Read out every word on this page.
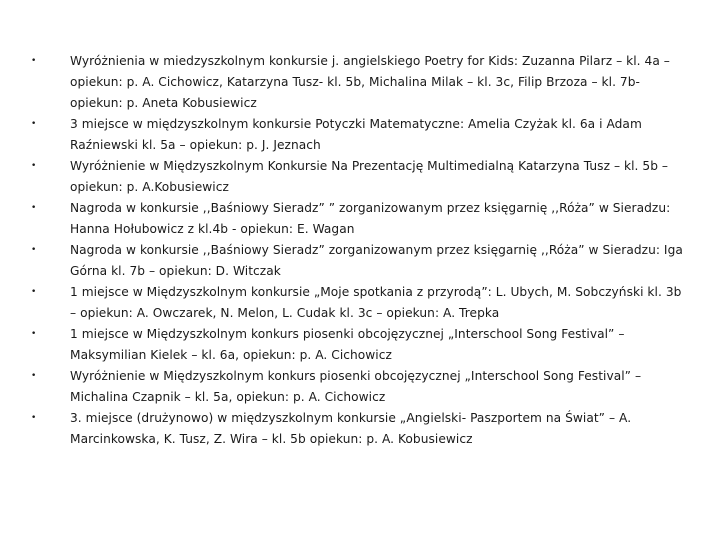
•	Wyróżnienia w miedzyszkolnym konkursie j. angielskiego Poetry for Kids: Zuzanna Pilarz – kl. 4a – opiekun: p. A. Cichowicz, Katarzyna Tusz- kl. 5b, Michalina Milak – kl. 3c, Filip Brzoza – kl. 7b- opiekun: p. Aneta Kobusiewicz
•	3 miejsce w międzyszkolnym konkursie Potyczki Matematyczne: Amelia Czyżak kl. 6a i Adam Raźniewski kl. 5a – opiekun: p. J. Jeznach
•	Wyróżnienie w Międzyszkolnym Konkursie Na Prezentację Multimedialną Katarzyna Tusz – kl. 5b – opiekun: p. A.Kobusiewicz
•	Nagroda w konkursie ,,Baśniowy Sieradz” ” zorganizowanym przez księgarnię ,,Róża” w Sieradzu: Hanna Hołubowicz z kl.4b - opiekun: E. Wagan
•	Nagroda w konkursie ,,Baśniowy Sieradz” zorganizowanym przez księgarnię ,,Róża” w Sieradzu: Iga Górna kl. 7b – opiekun: D. Witczak
•	1 miejsce w Międzyszkolnym konkursie „Moje spotkania z przyrodą”: L. Ubych, M. Sobczyński kl. 3b – opiekun: A. Owczarek, N. Melon, L. Cudak kl. 3c – opiekun: A. Trepka
•	1 miejsce w Międzyszkolnym konkurs piosenki obcojęzycznej „Interschool Song Festival” – Maksymilian Kielek – kl. 6a, opiekun: p. A. Cichowicz
•	Wyróżnienie w Międzyszkolnym konkurs piosenki obcojęzycznej „Interschool Song Festival” – Michalina Czapnik – kl. 5a, opiekun: p. A. Cichowicz
•	3. miejsce (drużynowo) w międzyszkolnym konkursie „Angielski- Paszportem na Świat” – A. Marcinkowska, K. Tusz, Z. Wira – kl. 5b opiekun: p. A. Kobusiewicz
